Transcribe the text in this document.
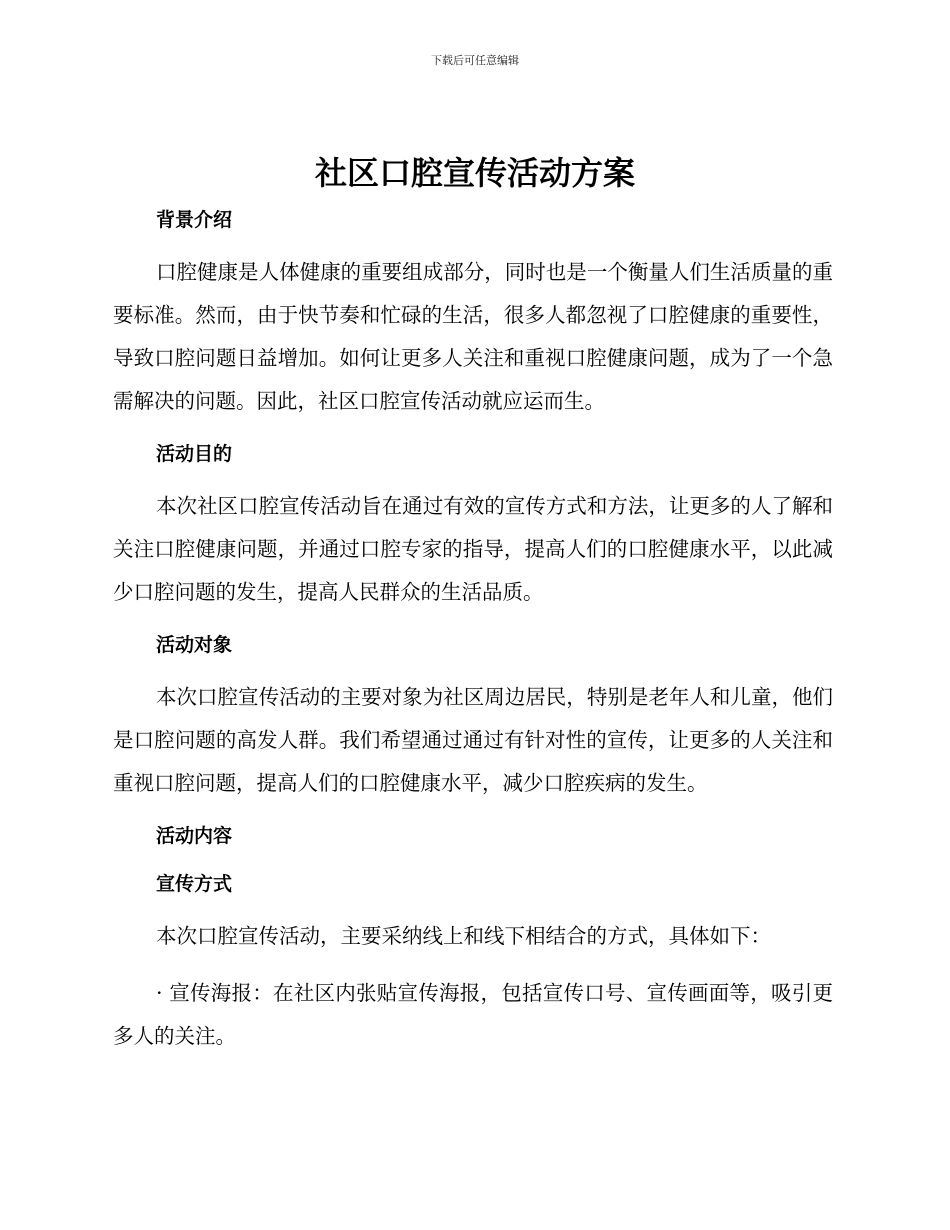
下载后可任意编辑
社区口腔宣传活动方案
背景介绍

口腔健康是人体健康的重要组成部分，同时也是一个衡量人们生活质量的重要标准。然而，由于快节奏和忙碌的生活，很多人都忽视了口腔健康的重要性，导致口腔问题日益增加。如何让更多人关注和重视口腔健康问题，成为了一个急需解决的问题。因此，社区口腔宣传活动就应运而生。

活动目的

本次社区口腔宣传活动旨在通过有效的宣传方式和方法，让更多的人了解和关注口腔健康问题，并通过口腔专家的指导，提高人们的口腔健康水平，以此减少口腔问题的发生，提高人民群众的生活品质。

活动对象

本次口腔宣传活动的主要对象为社区周边居民，特别是老年人和儿童，他们是口腔问题的高发人群。我们希望通过通过有针对性的宣传，让更多的人关注和重视口腔问题，提高人们的口腔健康水平，减少口腔疾病的发生。

活动内容
宣传方式

本次口腔宣传活动，主要采纳线上和线下相结合的方式，具体如下：

· 宣传海报：在社区内张贴宣传海报，包括宣传口号、宣传画面等，吸引更多人的关注。
